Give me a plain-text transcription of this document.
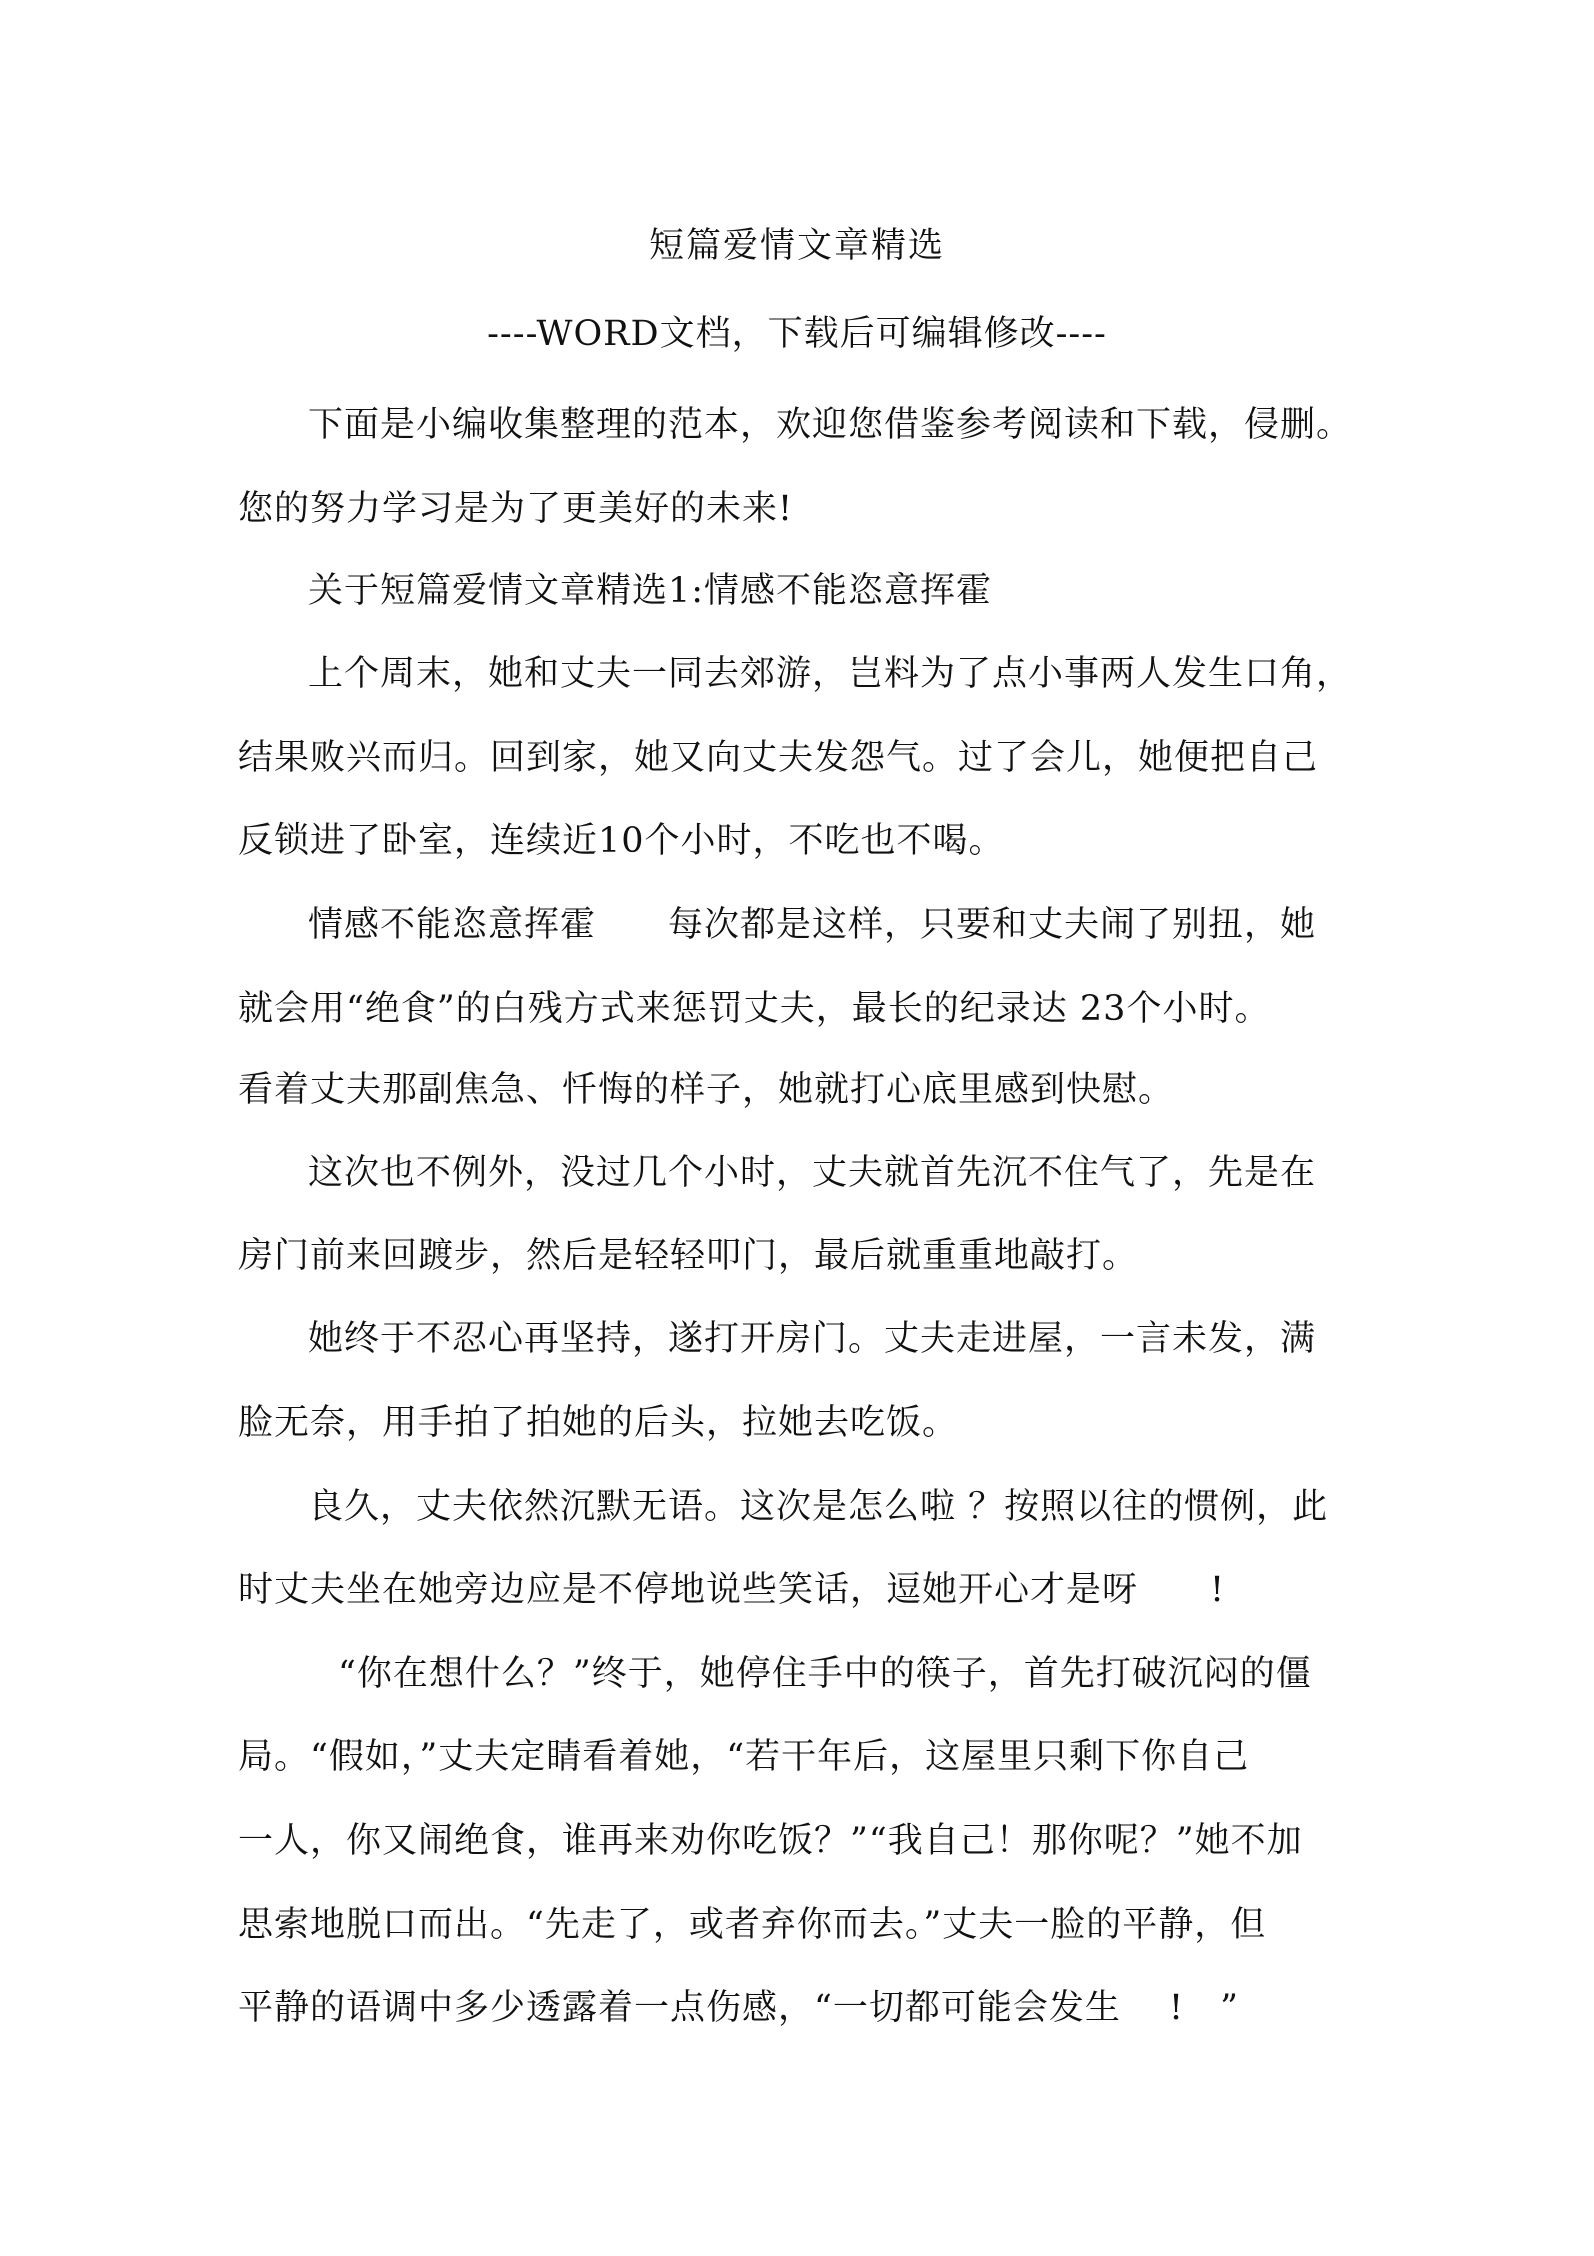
短篇爱情文章精选
----WORD文档，下载后可编辑修改----
下面是小编收集整理的范本，欢迎您借鉴参考阅读和下载，侵删。
您的努力学习是为了更美好的未来!
关于短篇爱情文章精选1:情感不能恣意挥霍
上个周末，她和丈夫一同去郊游，岂料为了点小事两人发生口角，
结果败兴而归。回到家，她又向丈夫发怨气。过了会儿，她便把自己
反锁进了卧室，连续近10个小时，不吃也不喝。
情感不能恣意挥霍　　每次都是这样，只要和丈夫闹了别扭，她
就会用“绝食”的白残方式来惩罚丈夫，最长的纪录达 23个小时。
看着丈夫那副焦急、忏悔的样子，她就打心底里感到快慰。
这次也不例外，没过几个小时，丈夫就首先沉不住气了，先是在
房门前来回踱步，然后是轻轻叩门，最后就重重地敲打。
她终于不忍心再坚持，遂打开房门。丈夫走进屋，一言未发，满
脸无奈，用手拍了拍她的后头，拉她去吃饭。
良久，丈夫依然沉默无语。这次是怎么啦 ？按照以往的惯例，此
时丈夫坐在她旁边应是不停地说些笑话，逗她开心才是呀　　!
“你在想什么？”终于，她停住手中的筷子，首先打破沉闷的僵
局。“假如，”丈夫定睛看着她，“若干年后，这屋里只剩下你自己
一人，你又闹绝食，谁再来劝你吃饭？”“我自己！那你呢？”她不加
思索地脱口而出。“先走了，或者弃你而去。”丈夫一脸的平静，但
平静的语调中多少透露着一点伤感，“一切都可能会发生　 !　”
